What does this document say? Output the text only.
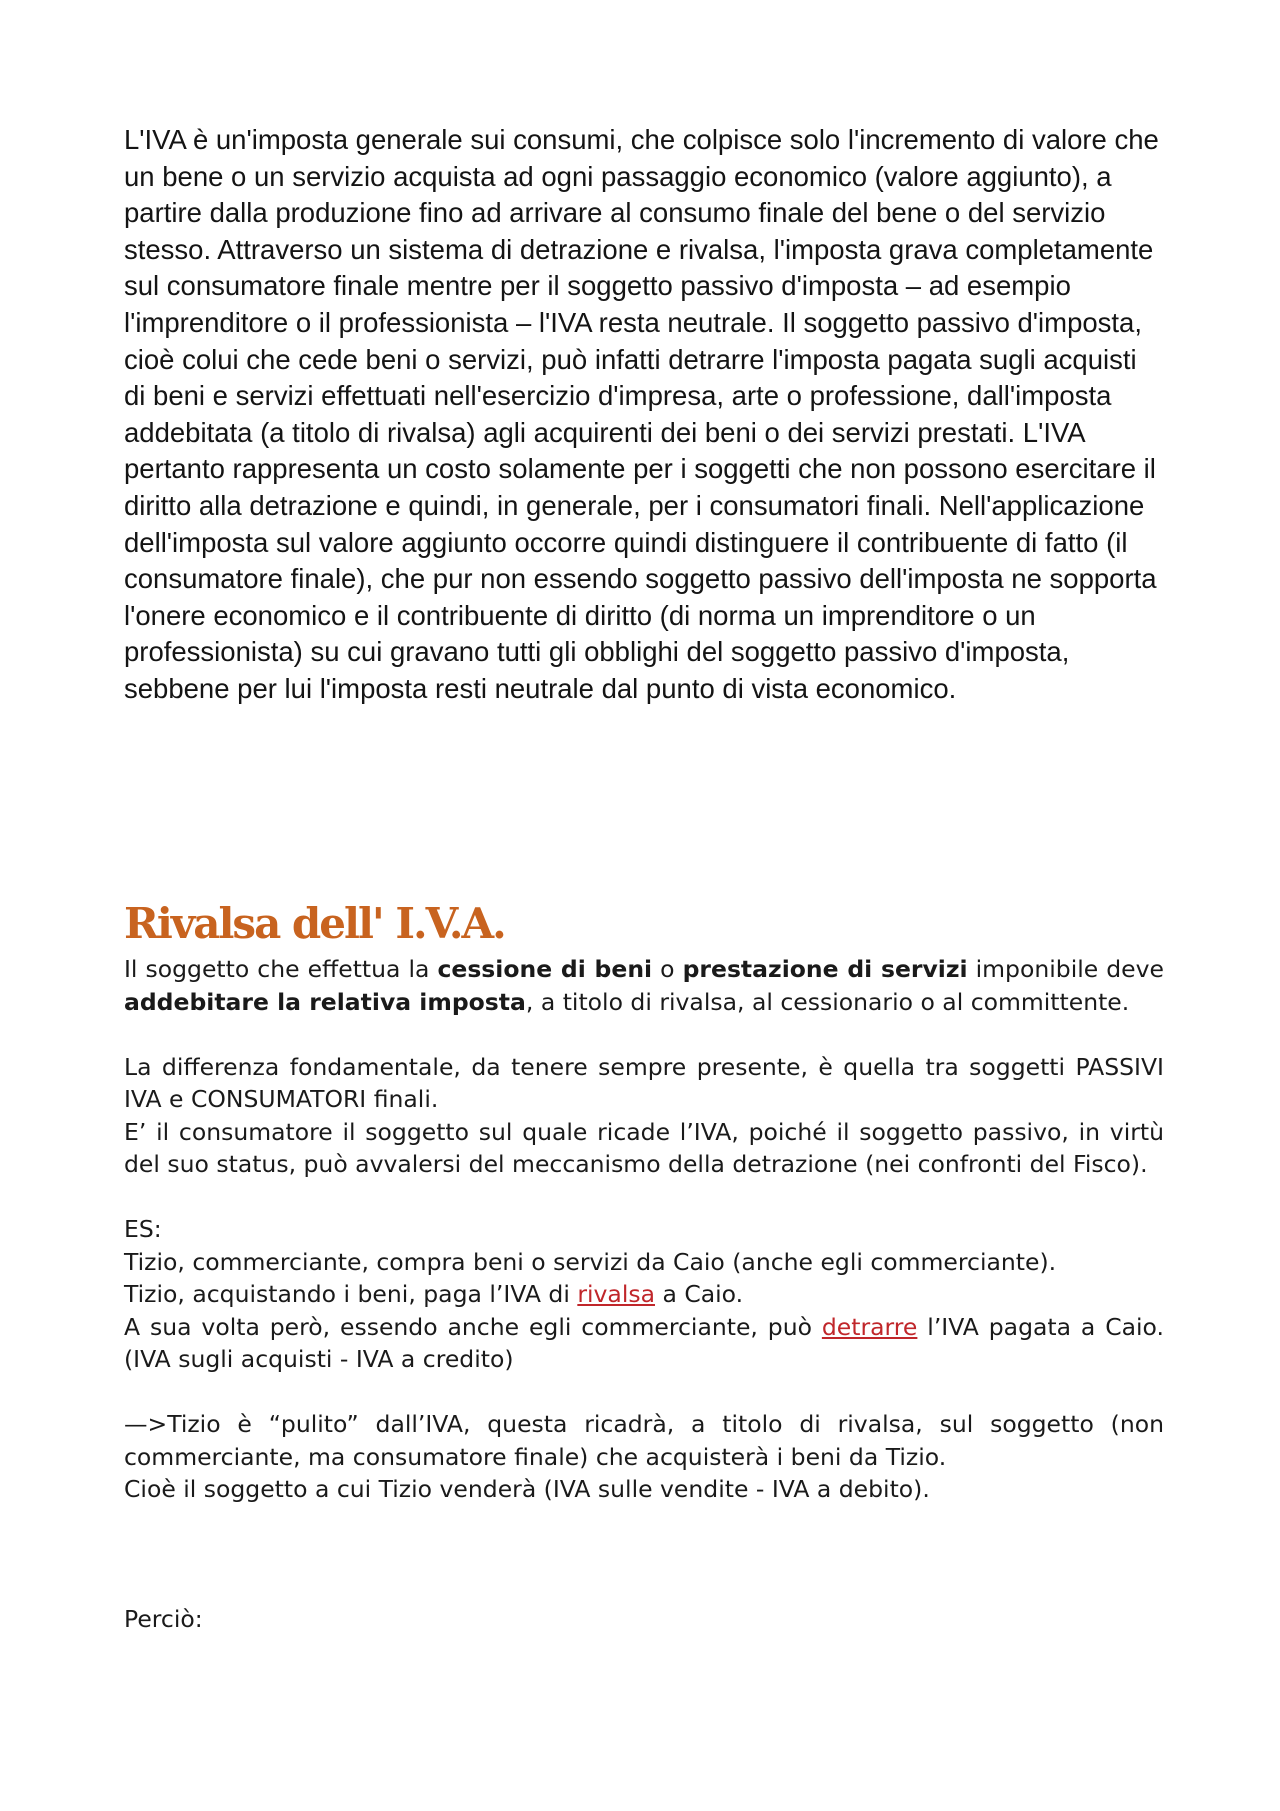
L'IVA è un'imposta generale sui consumi, che colpisce solo l'incremento di valore che un bene o un servizio acquista ad ogni passaggio economico (valore aggiunto), a partire dalla produzione fino ad arrivare al consumo finale del bene o del servizio stesso. Attraverso un sistema di detrazione e rivalsa, l'imposta grava completamente sul consumatore finale mentre per il soggetto passivo d'imposta – ad esempio l'imprenditore o il professionista – l'IVA resta neutrale. Il soggetto passivo d'imposta, cioè colui che cede beni o servizi, può infatti detrarre l'imposta pagata sugli acquisti di beni e servizi effettuati nell'esercizio d'impresa, arte o professione, dall'imposta addebitata (a titolo di rivalsa) agli acquirenti dei beni o dei servizi prestati. L'IVA pertanto rappresenta un costo solamente per i soggetti che non possono esercitare il diritto alla detrazione e quindi, in generale, per i consumatori finali. Nell'applicazione dell'imposta sul valore aggiunto occorre quindi distinguere il contribuente di fatto (il consumatore finale), che pur non essendo soggetto passivo dell'imposta ne sopporta l'onere economico e il contribuente di diritto (di norma un imprenditore o un professionista) su cui gravano tutti gli obblighi del soggetto passivo d'imposta, sebbene per lui l'imposta resti neutrale dal punto di vista economico.

Rivalsa dell' I.V.A.

Il soggetto che effettua la cessione di beni o prestazione di servizi imponibile deve addebitare la relativa imposta, a titolo di rivalsa, al cessionario o al committente.

La differenza fondamentale, da tenere sempre presente, è quella tra soggetti PASSIVI IVA e CONSUMATORI finali.

E’ il consumatore il soggetto sul quale ricade l’IVA, poiché il soggetto passivo, in virtù del suo status, può avvalersi del meccanismo della detrazione (nei confronti del Fisco).

ES:

Tizio, commerciante, compra beni o servizi da Caio (anche egli commerciante).

Tizio, acquistando i beni, paga l’IVA di rivalsa a Caio.

A sua volta però, essendo anche egli commerciante, può detrarre l’IVA pagata a Caio. (IVA sugli acquisti - IVA a credito)

—>Tizio è “pulito” dall’IVA, questa ricadrà, a titolo di rivalsa, sul soggetto (non commerciante, ma consumatore finale) che acquisterà i beni da Tizio.

Cioè il soggetto a cui Tizio venderà (IVA sulle vendite - IVA a debito).

Perciò:
